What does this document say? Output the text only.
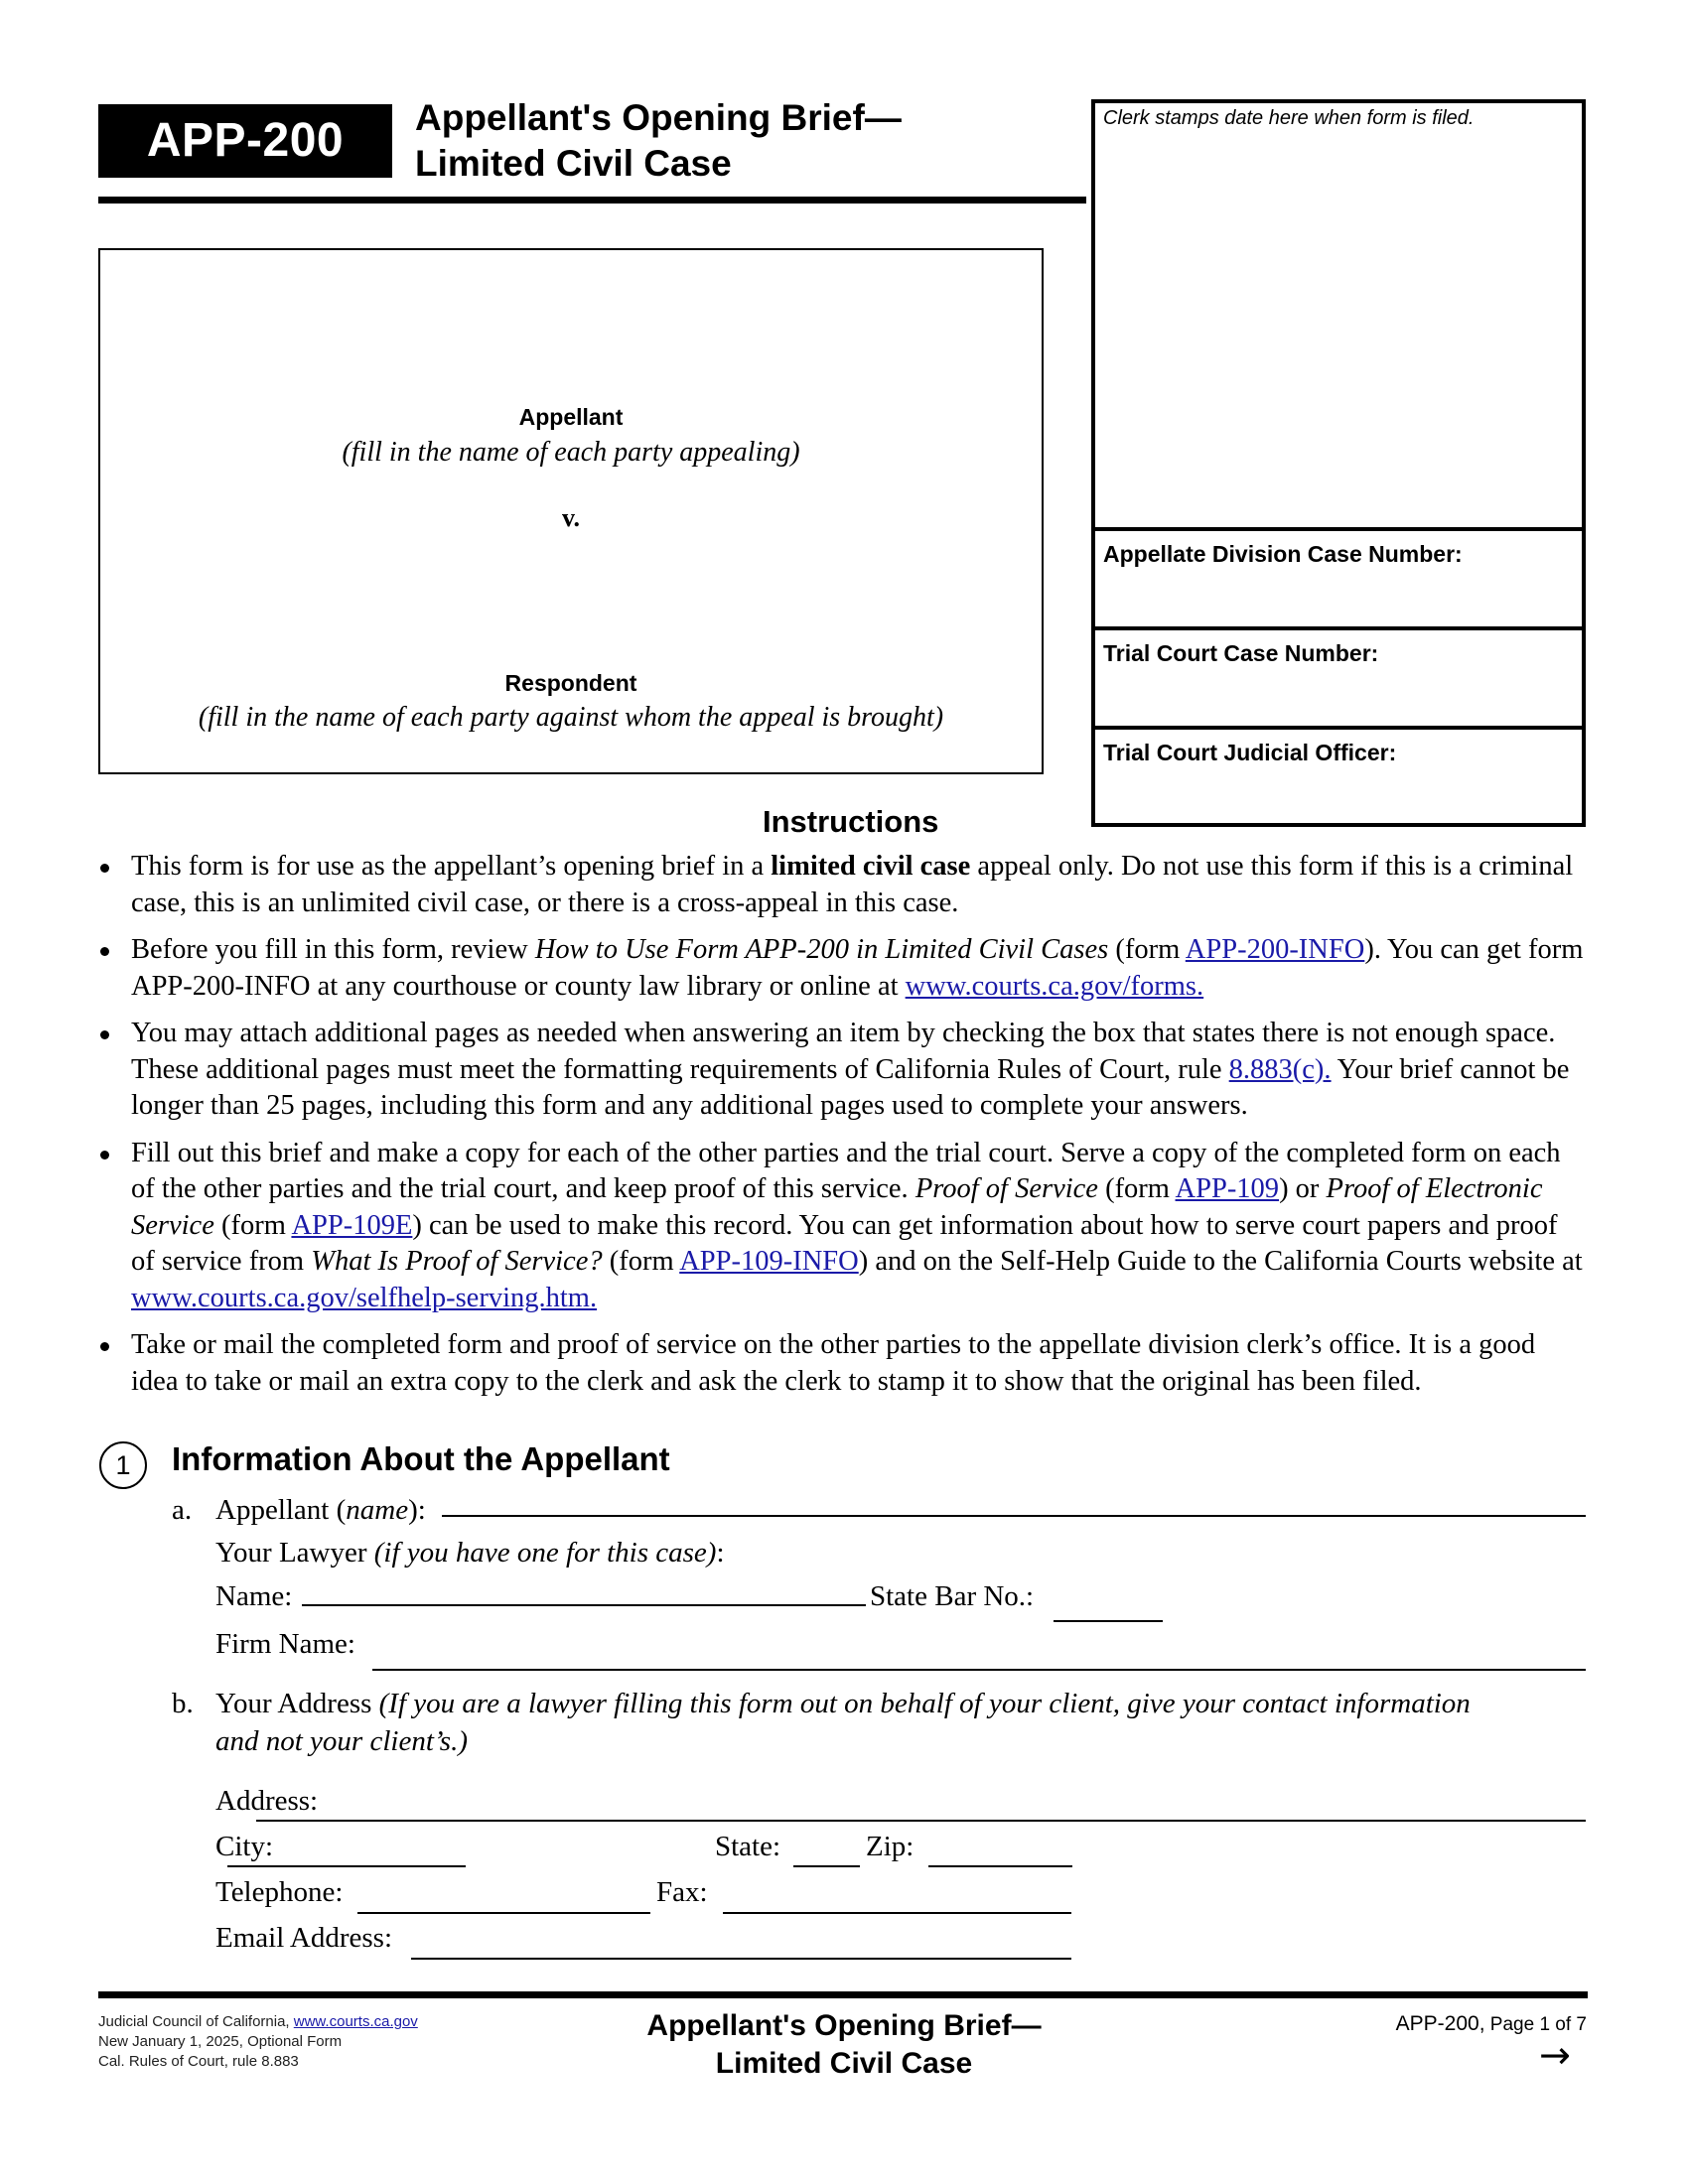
APP-200	Appellant's Opening Brief—
Limited Civil Case
Clerk stamps date here when form is filed.
Appellate Division Case Number:
Trial Court Case Number:
Trial Court Judicial Officer:
Appellant
(fill in the name of each party appealing)
v.
Respondent
(fill in the name of each party against whom the appeal is brought)
Instructions
This form is for use as the appellant’s opening brief in a limited civil case appeal only. Do not use this form if this is a criminal case, this is an unlimited civil case, or there is a cross-appeal in this case.
Before you fill in this form, review How to Use Form APP-200 in Limited Civil Cases (form APP-200-INFO). You can get form APP-200-INFO at any courthouse or county law library or online at www.courts.ca.gov/forms.
You may attach additional pages as needed when answering an item by checking the box that states there is not enough space. These additional pages must meet the formatting requirements of California Rules of Court, rule 8.883(c). Your brief cannot be longer than 25 pages, including this form and any additional pages used to complete your answers.
Fill out this brief and make a copy for each of the other parties and the trial court. Serve a copy of the completed form on each of the other parties and the trial court, and keep proof of this service. Proof of Service (form APP-109) or Proof of Electronic Service (form APP-109E) can be used to make this record. You can get information about how to serve court papers and proof of service from What Is Proof of Service? (form APP-109-INFO) and on the Self-Help Guide to the California Courts website at www.courts.ca.gov/selfhelp-serving.htm.
Take or mail the completed form and proof of service on the other parties to the appellate division clerk’s office. It is a good idea to take or mail an extra copy to the clerk and ask the clerk to stamp it to show that the original has been filed.
1	Information About the Appellant
a. Appellant (name):
Your Lawyer (if you have one for this case):
Name:	State Bar No.:
Firm Name:
b. Your Address (If you are a lawyer filling this form out on behalf of your client, give your contact information
and not your client’s.)
Address:
City:	State:	Zip:
Telephone:	Fax:
Email Address:
Judicial Council of California, www.courts.ca.gov
New January 1, 2025, Optional Form
Cal. Rules of Court, rule 8.883
Appellant's Opening Brief—
Limited Civil Case
APP-200, Page 1 of 7
→
